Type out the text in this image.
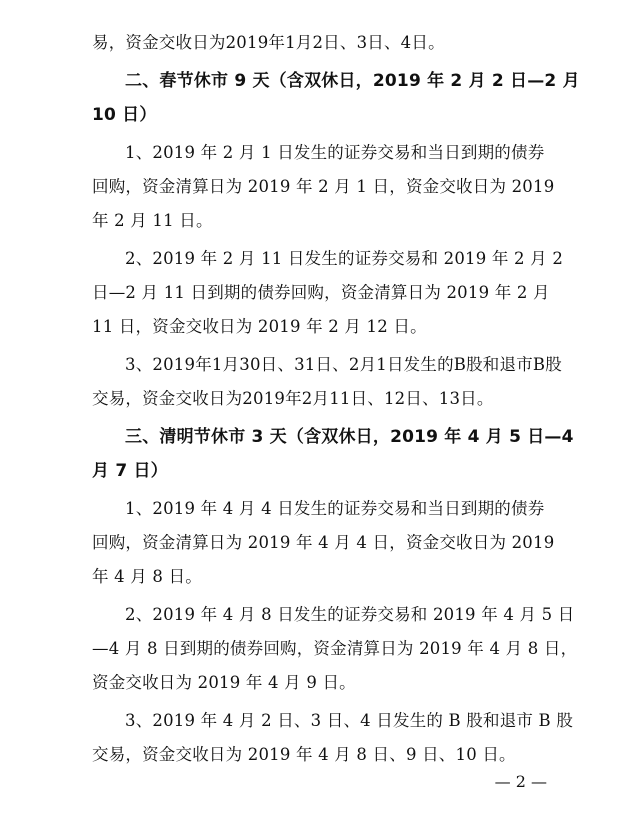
易，资金交收日为2019年1月2日、3日、4日。
二、春节休市 9 天（含双休日，2019 年 2 月 2 日—2 月
10 日）
1、2019 年 2 月 1 日发生的证券交易和当日到期的债券
回购，资金清算日为 2019 年 2 月 1 日，资金交收日为 2019
年 2 月 11 日。
2、2019 年 2 月 11 日发生的证券交易和 2019 年 2 月 2
日—2 月 11 日到期的债券回购，资金清算日为 2019 年 2 月
11 日，资金交收日为 2019 年 2 月 12 日。
3、2019年1月30日、31日、2月1日发生的B股和退市B股
交易，资金交收日为2019年2月11日、12日、13日。
三、清明节休市 3 天（含双休日，2019 年 4 月 5 日—4
月 7 日）
1、2019 年 4 月 4 日发生的证券交易和当日到期的债券
回购，资金清算日为 2019 年 4 月 4 日，资金交收日为 2019
年 4 月 8 日。
2、2019 年 4 月 8 日发生的证券交易和 2019 年 4 月 5 日
—4 月 8 日到期的债券回购，资金清算日为 2019 年 4 月 8 日，
资金交收日为 2019 年 4 月 9 日。
3、2019 年 4 月 2 日、3 日、4 日发生的 B 股和退市 B 股
交易，资金交收日为 2019 年 4 月 8 日、9 日、10 日。
— 2 —
